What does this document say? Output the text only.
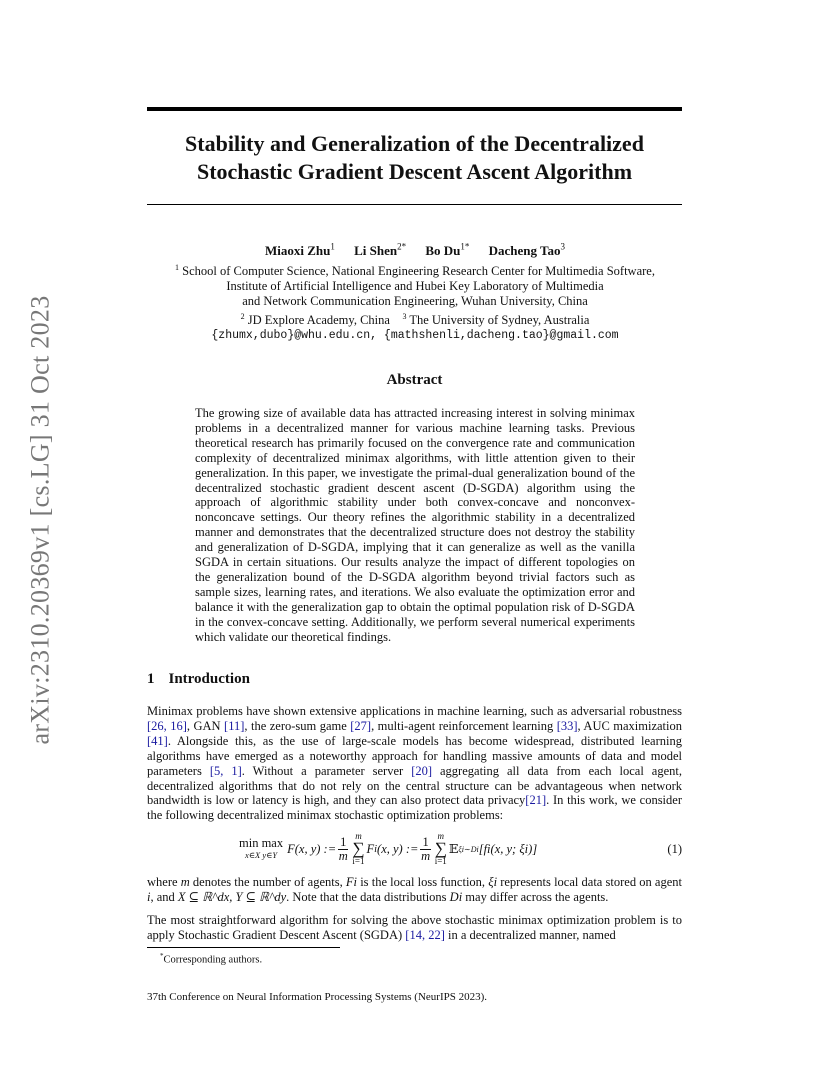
arXiv:2310.20369v1 [cs.LG] 31 Oct 2023
Stability and Generalization of the Decentralized
Stochastic Gradient Descent Ascent Algorithm
Miaoxi Zhu$^1$ Li Shen$^{2*}$ Bo $Du^{1*}$ Dacheng Tao$^3$
$^1$ School of Computer Science, National Engineering Research Center for Multimedia Software,
Institute of Artificial Intelligence and Hubei Key Laboratory of Multimedia
and Network Communication Engineering, Wuhan University, China
$^2$ JD Explore Academy, China $^3$ The University of Sydney, Australia
{zhumx,dubo}@whu.edu.cn, {mathshenli,dacheng.tao}@gmail.com
Abstract
The growing size of available data has attracted increasing interest in solving minimax problems in a decentralized manner for various machine learning tasks. Previous theoretical research has primarily focused on the convergence rate and communication complexity of decentralized minimax algorithms, with little attention given to their generalization. In this paper, we investigate the primal-dual generalization bound of the decentralized stochastic gradient descent ascent (D-SGDA) algorithm using the approach of algorithmic stability under both convex-concave and nonconvex-nonconcave settings. Our theory refines the algorithmic stability in a decentralized manner and demonstrates that the decentralized structure does not destroy the stability and generalization of D-SGDA, implying that it can generalize as well as the vanilla SGDA in certain situations. Our results analyze the impact of different topologies on the generalization bound of the D-SGDA algorithm beyond trivial factors such as sample sizes, learning rates, and iterations. We also evaluate the optimization error and balance it with the generalization gap to obtain the optimal population risk of D-SGDA in the convex-concave setting. Additionally, we perform several numerical experiments which validate our theoretical findings.
1 Introduction
Minimax problems have shown extensive applications in machine learning, such as adversarial robustness [26, 16], GAN [11], the zero-sum game [27], multi-agent reinforcement learning [33], AUC maximization [41]. Alongside this, as the use of large-scale models has become widespread, distributed learning algorithms have emerged as a noteworthy approach for handling massive amounts of data and model parameters [5, 1]. Without a parameter server [20] aggregating all data from each local agent, decentralized algorithms that do not rely on the central structure can be advantageous when network bandwidth is low or latency is high, and they can also protect data privacy[21]. In this work, we consider the following decentralized minimax stochastic optimization problems:
min max
x∈X y∈Y F(x, y) := $\frac{1}{m}$ m
∑
i=1
F i (x, y) := $\frac{1}{m}$ m
∑
i=1
𝔼 ξi∼Di [fi(x, y; ξi)]	(1)
where m denotes the number of agents, Fi is the local loss function, ξi represents local data stored on agent i, and X ⊆ ℝ^dx, Y ⊆ ℝ^dy. Note that the data distributions Di may differ across the agents.
The most straightforward algorithm for solving the above stochastic minimax optimization problem is to apply Stochastic Gradient Descent Ascent (SGDA) [14, 22] in a decentralized manner, named
*Corresponding authors.
37th Conference on Neural Information Processing Systems (NeurIPS 2023).
